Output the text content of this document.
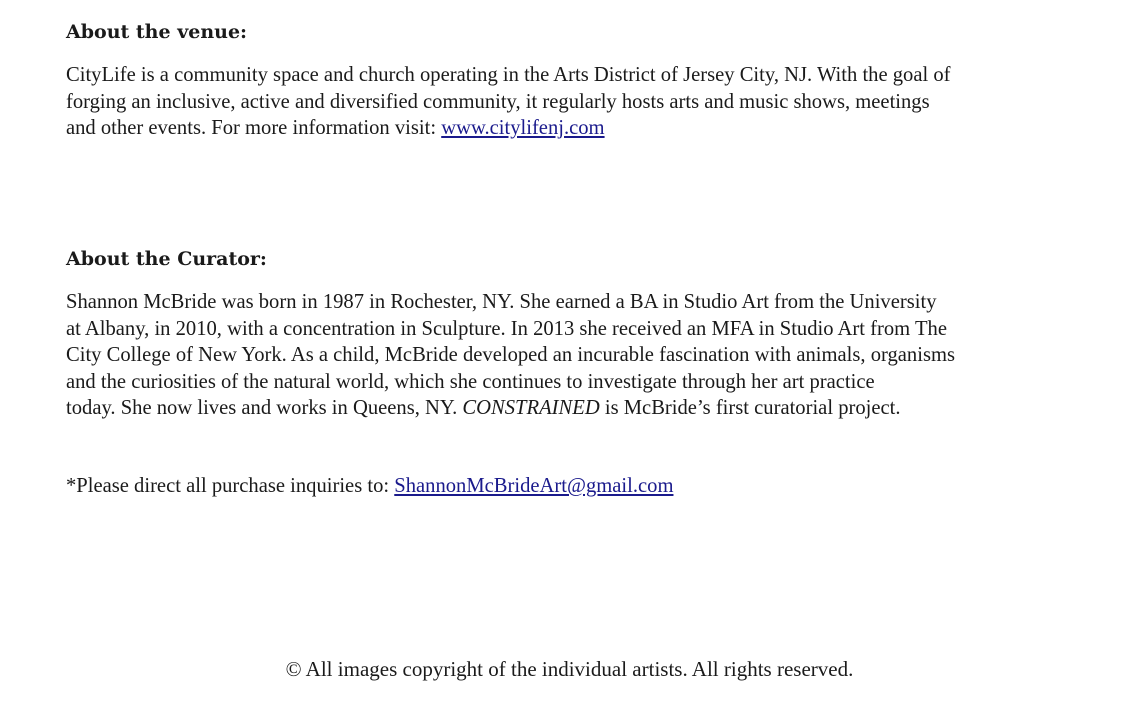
About the venue:

CityLife is a community space and church operating in the Arts District of Jersey City, NJ. With the goal of
forging an inclusive, active and diversified community, it regularly hosts arts and music shows, meetings
and other events. For more information visit: www.citylifenj.com

About the Curator:

Shannon McBride was born in 1987 in Rochester, NY. She earned a BA in Studio Art from the University
at Albany, in 2010, with a concentration in Sculpture. In 2013 she received an MFA in Studio Art from The
City College of New York. As a child, McBride developed an incurable fascination with animals, organisms
and the curiosities of the natural world, which she continues to investigate through her art practice
today. She now lives and works in Queens, NY. CONSTRAINED is McBride’s first curatorial project.

*Please direct all purchase inquiries to: ShannonMcBrideArt@gmail.com

© All images copyright of the individual artists. All rights reserved.
